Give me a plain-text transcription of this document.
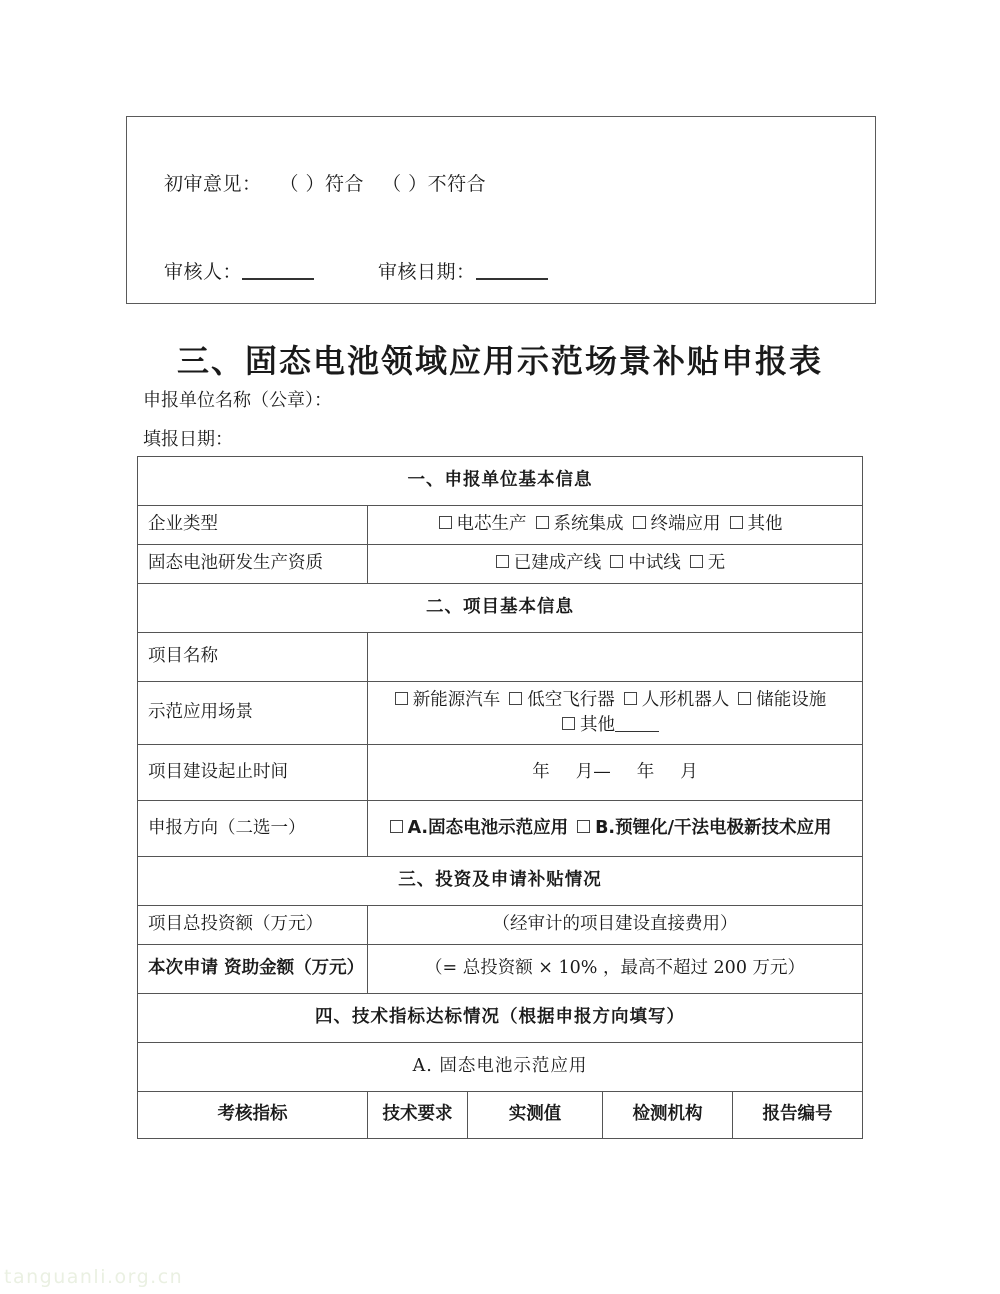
初审意见： （ ）符合 （ ）不符合
审核人：	审核日期：
三、固态电池领域应用示范场景补贴申报表
申报单位名称（公章）：
填报日期：
一、申报单位基本信息				
企业类型	电芯生产 系统集成 终端应用 其他			
固态电池研发生产资质	已建成产线 中试线 无			
二、项目基本信息				
项目名称				
示范应用场景	新能源汽车 低空飞行器 人形机器人 储能设施其他			
项目建设起止时间	年 月— 年 月			
申报方向（二选一）	A.固态电池示范应用 B.预锂化/干法电极新技术应用			
三、投资及申请补贴情况				
项目总投资额（万元）	（经审计的项目建设直接费用）			
本次申请 资助金额（万元）	（= 总投资额 × 10% ，最高不超过 200 万元）			
四、技术指标达标情况（根据申报方向填写）				
A. 固态电池示范应用				
考核指标	技术要求	实测值	检测机构	报告编号
tanguanli.org.cn
